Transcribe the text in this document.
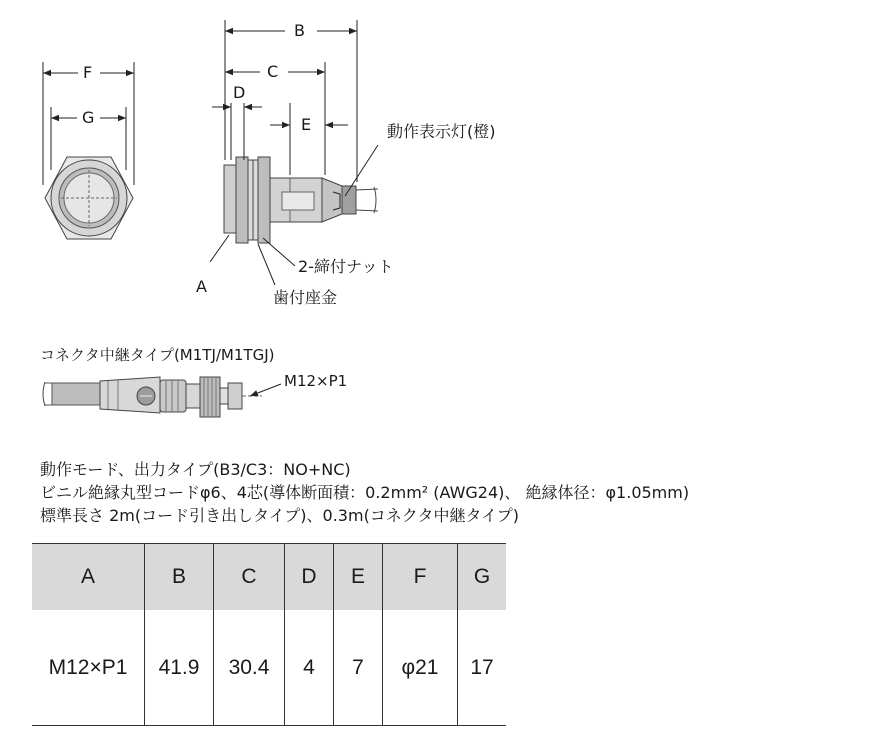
F
G
B
C
D
E
A
動作表示灯(橙)
2-締付ナット
歯付座金
コネクタ中継タイプ(M1TJ/M1TGJ)
M12×P1
動作モード、出力タイプ(B3/C3：NO+NC)
ビニル絶縁丸型コードφ6、4芯(導体断面積：0.2mm² (AWG24)、 絶縁体径：φ1.05mm)
標準長さ 2m(コード引き出しタイプ)、0.3m(コネクタ中継タイプ)
A	B	C	D	E	F	G
M12×P1	41.9	30.4	4	7	φ21	17
